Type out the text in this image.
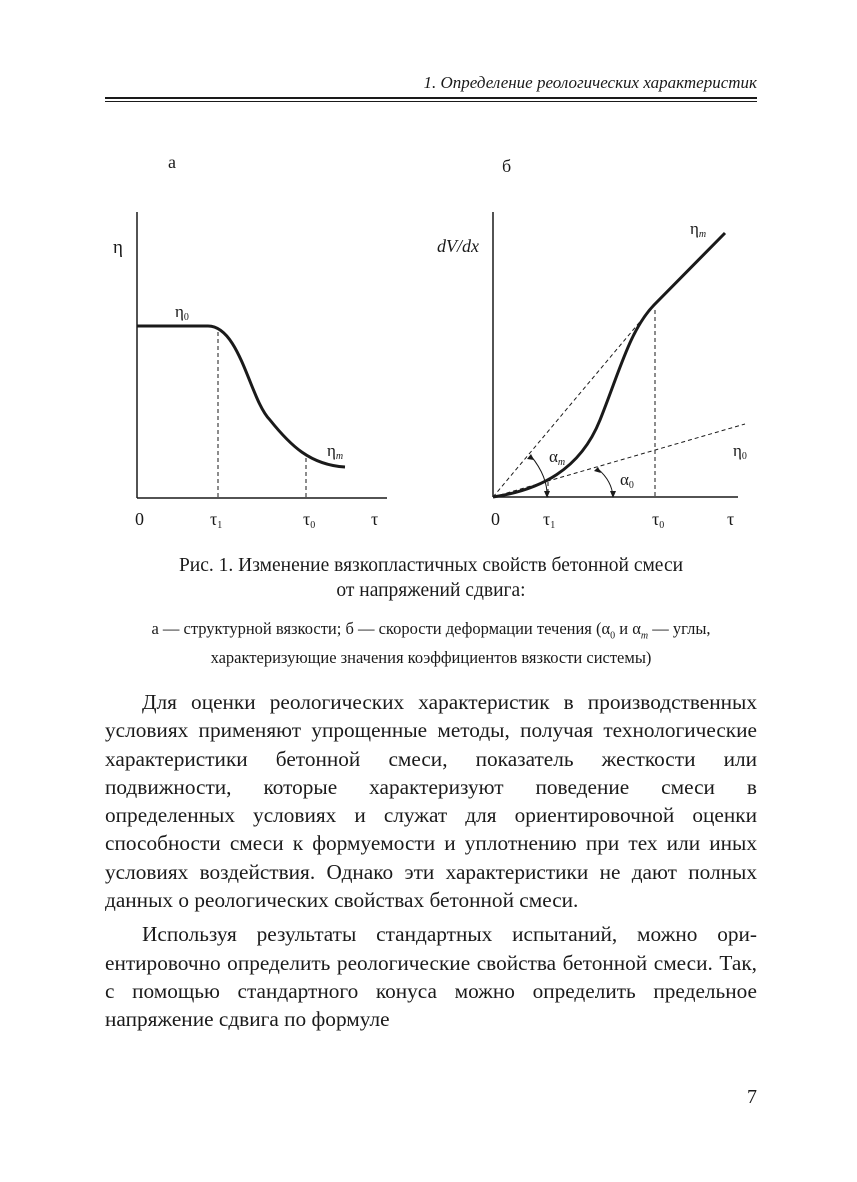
1. Определение реологических характеристик
а
η
η0
ηm
0	τ1	τ0	τ
б
dV/dx
αm
α0
ηm
η0
0 τ1	τ0	τ
Рис. 1. Изменение вязкопластичных свойств бетонной смеси
от напряжений сдвига:
а — структурной вязкости; б — скорости деформации течения ($\alpha_0$ и $\alpha_m$ — углы,
характеризующие значения коэффициентов вязкости системы)

Для оценки реологических характеристик в производственных условиях применяют упрощенные методы, получая технологические характеристики бетонной смеси, показатель жесткости или подвижности, которые характеризуют поведение смеси в определенных условиях и служат для ориентировочной оценки способности смеси к формуемости и уплотнению при тех или иных условиях воздействия. Однако эти характеристики не дают полных данных о реологических свойствах бетонной смеси.

Используя результаты стандартных испытаний, можно ориентировочно определить реологические свойства бетонной смеси. Так, с помощью стандартного конуса можно определить предельное напряжение сдвига по формуле

7
